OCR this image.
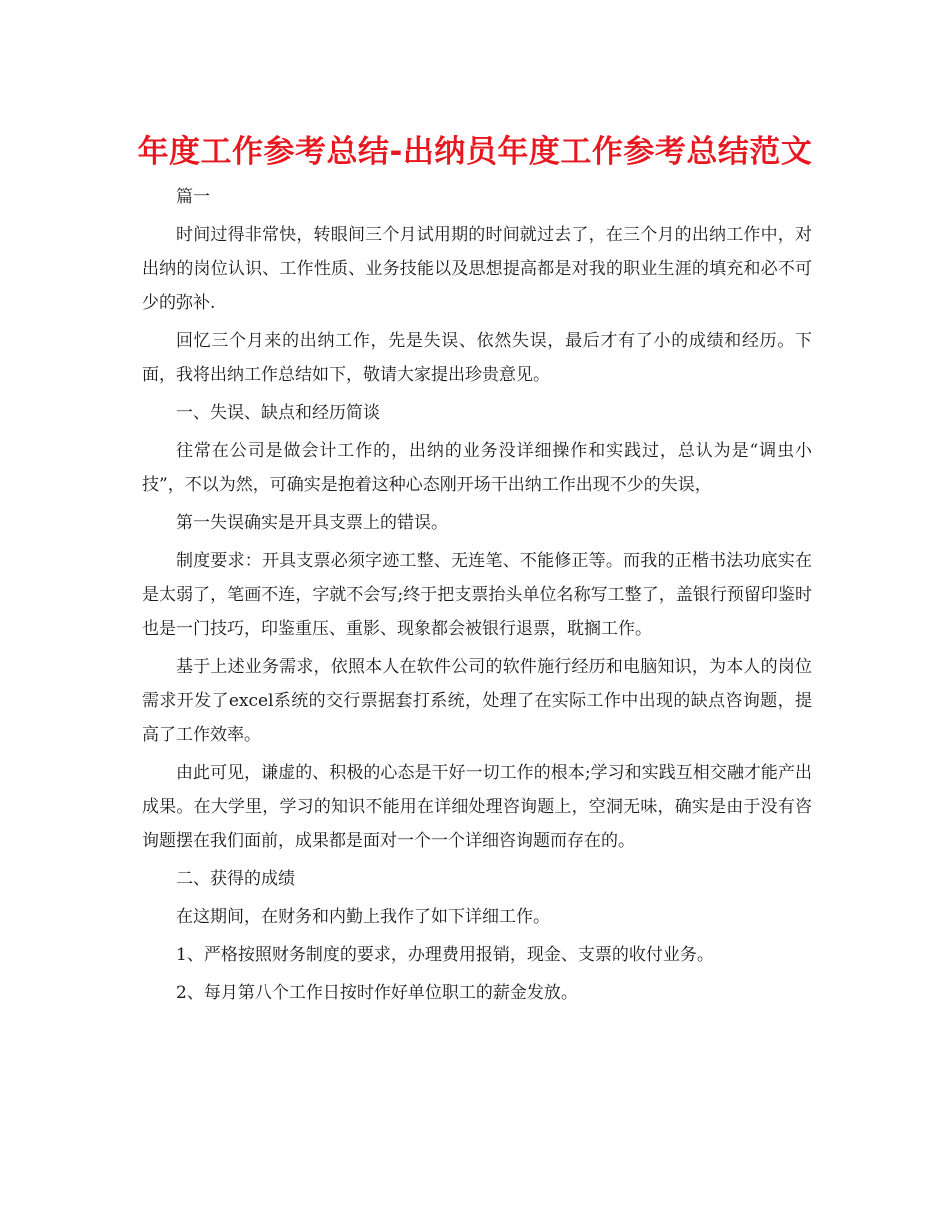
年度工作参考总结-出纳员年度工作参考总结范文

篇一

时间过得非常快，转眼间三个月试用期的时间就过去了，在三个月的出纳工作中，对出纳的岗位认识、工作性质、业务技能以及思想提高都是对我的职业生涯的填充和必不可少的弥补.

回忆三个月来的出纳工作，先是失误、依然失误，最后才有了小的成绩和经历。下面，我将出纳工作总结如下，敬请大家提出珍贵意见。

一、失误、缺点和经历简谈

往常在公司是做会计工作的，出纳的业务没详细操作和实践过，总认为是“调虫小技”，不以为然，可确实是抱着这种心态刚开场干出纳工作出现不少的失误，

第一失误确实是开具支票上的错误。

制度要求：开具支票必须字迹工整、无连笔、不能修正等。而我的正楷书法功底实在是太弱了，笔画不连，字就不会写;终于把支票抬头单位名称写工整了，盖银行预留印鉴时也是一门技巧，印鉴重压、重影、现象都会被银行退票，耽搁工作。

基于上述业务需求，依照本人在软件公司的软件施行经历和电脑知识，为本人的岗位需求开发了excel系统的交行票据套打系统，处理了在实际工作中出现的缺点咨询题，提高了工作效率。

由此可见，谦虚的、积极的心态是干好一切工作的根本;学习和实践互相交融才能产出成果。在大学里，学习的知识不能用在详细处理咨询题上，空洞无味，确实是由于没有咨询题摆在我们面前，成果都是面对一个一个详细咨询题而存在的。

二、获得的成绩

在这期间，在财务和内勤上我作了如下详细工作。

1、严格按照财务制度的要求，办理费用报销，现金、支票的收付业务。

2、每月第八个工作日按时作好单位职工的薪金发放。
